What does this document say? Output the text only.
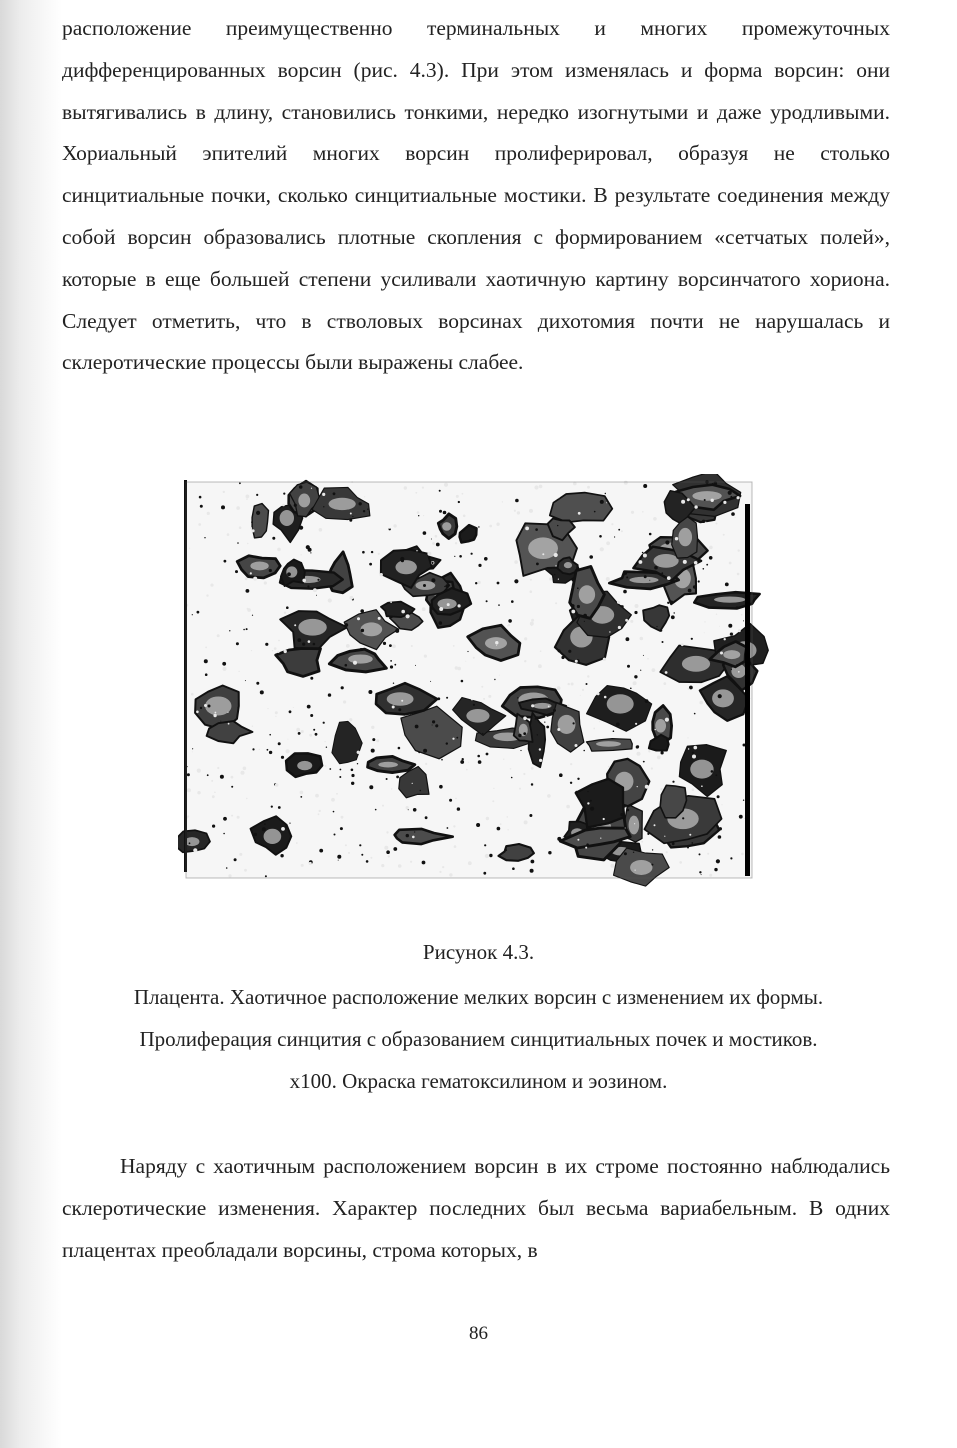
расположение преимущественно терминальных и многих промежуточных дифференцированных ворсин (рис. 4.3). При этом изменялась и форма ворсин: они вытягивались в длину, становились тонкими, нередко изогнутыми и даже уродливыми. Хориальный эпителий многих ворсин пролиферировал, образуя не столько синцитиальные почки, сколько синцитиальные мостики. В результате соединения между собой ворсин образовались плотные скопления с формированием «сетчатых полей», которые в еще большей степени усиливали хаотичную картину ворсинчатого хориона. Следует отметить, что в стволовых ворсинах дихотомия почти не нарушалась и склеротические процессы были выражены слабее.

Рисунок 4.3.
Плацента. Хаотичное расположение мелких ворсин с изменением их формы.
Пролиферация синцития с образованием синцитиальных почек и мостиков.
х100. Окраска гематоксилином и эозином.

Наряду с хаотичным расположением ворсин в их строме постоянно наблюдались склеротические изменения. Характер последних был весьма вариабельным. В одних плацентах преобладали ворсины, строма которых, в

86
